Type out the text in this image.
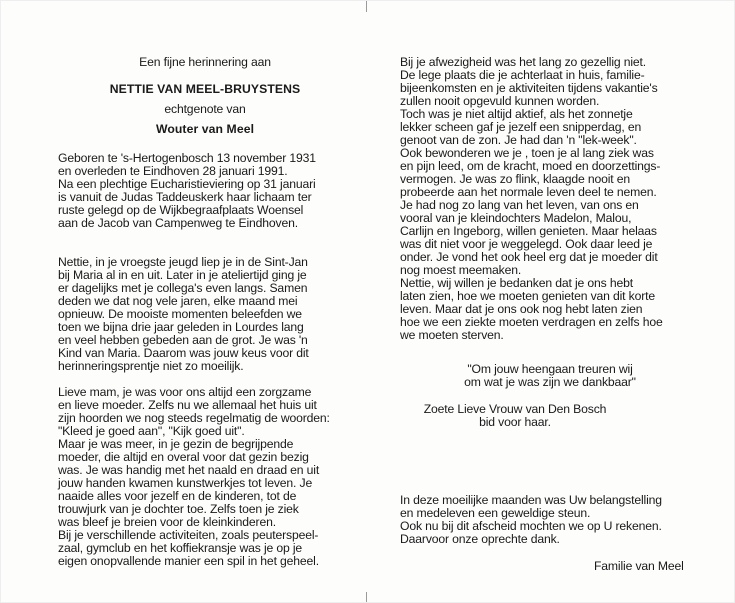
Een fijne herinnering aan
NETTIE VAN MEEL-BRUYSTENS
echtgenote van
Wouter van Meel
Geboren te 's-Hertogenbosch 13 november 1931
en overleden te Eindhoven 28 januari 1991.
Na een plechtige Eucharistieviering op 31 januari
is vanuit de Judas Taddeuskerk haar lichaam ter
ruste gelegd op de Wijkbegraafplaats Woensel
aan de Jacob van Campenweg te Eindhoven.
Nettie, in je vroegste jeugd liep je in de Sint-Jan
bij Maria al in en uit. Later in je ateliertijd ging je
er dagelijks met je collega's even langs. Samen
deden we dat nog vele jaren, elke maand mei
opnieuw. De mooiste momenten beleefden we
toen we bijna drie jaar geleden in Lourdes lang
en veel hebben gebeden aan de grot. Je was 'n
Kind van Maria. Daarom was jouw keus voor dit
herinneringsprentje niet zo moeilijk.
Lieve mam, je was voor ons altijd een zorgzame
en lieve moeder. Zelfs nu we allemaal het huis uit
zijn hoorden we nog steeds regelmatig de woorden:
"Kleed je goed aan", "Kijk goed uit".
Maar je was meer, in je gezin de begrijpende
moeder, die altijd en overal voor dat gezin bezig
was. Je was handig met het naald en draad en uit
jouw handen kwamen kunstwerkjes tot leven. Je
naaide alles voor jezelf en de kinderen, tot de
trouwjurk van je dochter toe. Zelfs toen je ziek
was bleef je breien voor de kleinkinderen.
Bij je verschillende activiteiten, zoals peuterspeel-
zaal, gymclub en het koffiekransje was je op je
eigen onopvallende manier een spil in het geheel.
Bij je afwezigheid was het lang zo gezellig niet.
De lege plaats die je achterlaat in huis, familie-
bijeenkomsten en je aktiviteiten tijdens vakantie's
zullen nooit opgevuld kunnen worden.
Toch was je niet altijd aktief, als het zonnetje
lekker scheen gaf je jezelf een snipperdag, en
genoot van de zon. Je had dan 'n "lek-week".
Ook bewonderen we je , toen je al lang ziek was
en pijn leed, om de kracht, moed en doorzettings-
vermogen. Je was zo flink, klaagde nooit en
probeerde aan het normale leven deel te nemen.
Je had nog zo lang van het leven, van ons en
vooral van je kleindochters Madelon, Malou,
Carlijn en Ingeborg, willen genieten. Maar helaas
was dit niet voor je weggelegd. Ook daar leed je
onder. Je vond het ook heel erg dat je moeder dit
nog moest meemaken.
Nettie, wij willen je bedanken dat je ons hebt
laten zien, hoe we moeten genieten van dit korte
leven. Maar dat je ons ook nog hebt laten zien
hoe we een ziekte moeten verdragen en zelfs hoe
we moeten sterven.
"Om jouw heengaan treuren wij
om wat je was zijn we dankbaar"
Zoete Lieve Vrouw van Den Bosch
bid voor haar.
In deze moeilijke maanden was Uw belangstelling
en medeleven een geweldige steun.
Ook nu bij dit afscheid mochten we op U rekenen.
Daarvoor onze oprechte dank.
Familie van Meel
